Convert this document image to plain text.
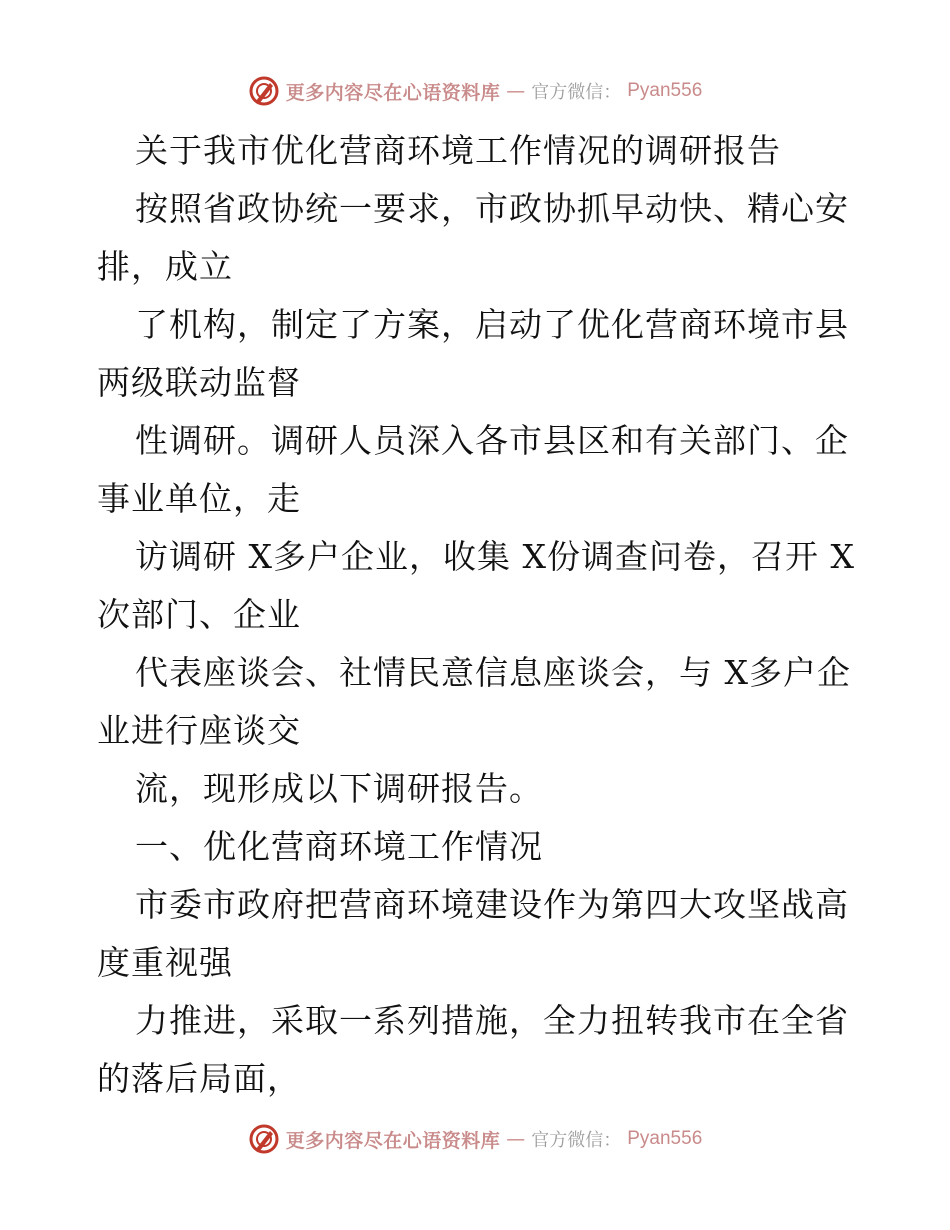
更多内容尽在心语资料库 — 官方微信： Pyan556

关于我市优化营商环境工作情况的调研报告

按照省政协统一要求，市政协抓早动快、精心安排，成立

了机构，制定了方案，启动了优化营商环境市县两级联动监督

性调研。调研人员深入各市县区和有关部门、企事业单位，走

访调研 X多户企业，收集 X份调查问卷，召开 X次部门、企业

代表座谈会、社情民意信息座谈会，与 X多户企业进行座谈交

流，现形成以下调研报告。

一、优化营商环境工作情况

市委市政府把营商环境建设作为第四大攻坚战高度重视强

力推进，采取一系列措施，全力扭转我市在全省的落后局面，

更多内容尽在心语资料库 — 官方微信： Pyan556
